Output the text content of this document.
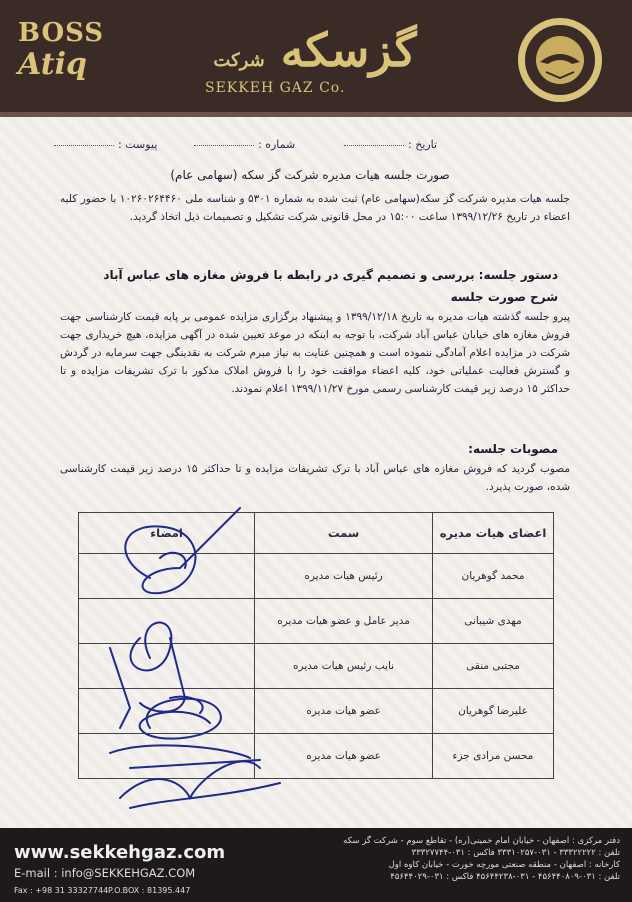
BOSS
Atiq	گزسکه شرکت
SEKKEH GAZ Co.
تاریخ :
شماره :
پیوست :
صورت جلسه هیات مدیره شرکت گز سکه (سهامی عام)
جلسه هیات مدیره شرکت گز سکه(سهامی عام) ثبت شده به شماره ۵۳۰۱ و شناسه ملی ۱۰۲۶۰۲۶۴۴۶۰ با حضور کلیه اعضاء در تاریخ ۱۳۹۹/۱۲/۲۶ ساعت ۱۵:۰۰ در محل قانونی شرکت تشکیل و تصمیمات ذیل اتخاذ گردید.
دستور جلسه: بررسی و تصمیم گیری در رابطه با فروش مغازه های عباس آباد
شرح صورت جلسه
پیرو جلسه گذشته هیات مدیره به تاریخ ۱۳۹۹/۱۲/۱۸ و پیشنهاد برگزاری مزایده عمومی بر پایه قیمت کارشناسی جهت فروش مغازه های خیابان عباس آباد شرکت، با توجه به اینکه در موعد تعیین شده در آگهی مزایده، هیچ خریداری جهت شرکت در مزایده اعلام آمادگی ننموده است و همچنین عنایت به نیاز مبرم شرکت به نقدینگی جهت سرمایه در گردش و گسترش فعالیت عملیاتی خود، کلیه اعضاء موافقت خود را با فروش املاک مذکور با ترک تشریفات مزایده و تا حداکثر ۱۵ درصد زیر قیمت کارشناسی رسمی مورخ ۱۳۹۹/۱۱/۲۷ اعلام نمودند.
مصوبات جلسه:
مصوب گردید که فروش مغازه های عباس آباد با ترک تشریفات مزایده و تا حداکثر ۱۵ درصد زیر قیمت کارشناسی شده، صورت پذیرد.
اعضای هیات مدیره	سمت	امضاء
محمد گوهریان	رئیس هیات مدیره	
مهدی شیبانی	مدیر عامل و عضو هیات مدیره	
مجتبی منقی	نایب رئیس هیات مدیره	
علیرضا گوهریان	عضو هیات مدیره	
محسن مرادی جزء	عضو هیات مدیره	
www.sekkehgaz.com
E-mail : info@SEKKEHGAZ.COM
Fax : +98 31 33327744 P.O.BOX : 81395.447
دفتر مرکزی : اصفهان - خیابان امام خمینی(ره) - تقاطع سوم - شرکت گز سکه
تلفن : ۳۳۳۲۲۲۲۲ - ۰۳۱-۳۳۳۱۰۲۵۷ فاکس : ۰۳۱-۳۳۳۲۷۷۴۴
کارخانه : اصفهان - منطقه صنعتی مورچه خورت - خیابان کاوه اول
تلفن : ۰۳۱-۴۵۶۴۴۰۸۰۹ - ۰۳۱-۴۵۶۴۴۲۳۸ فاکس : ۰۳۱-۴۵۶۴۴۰۲۹
